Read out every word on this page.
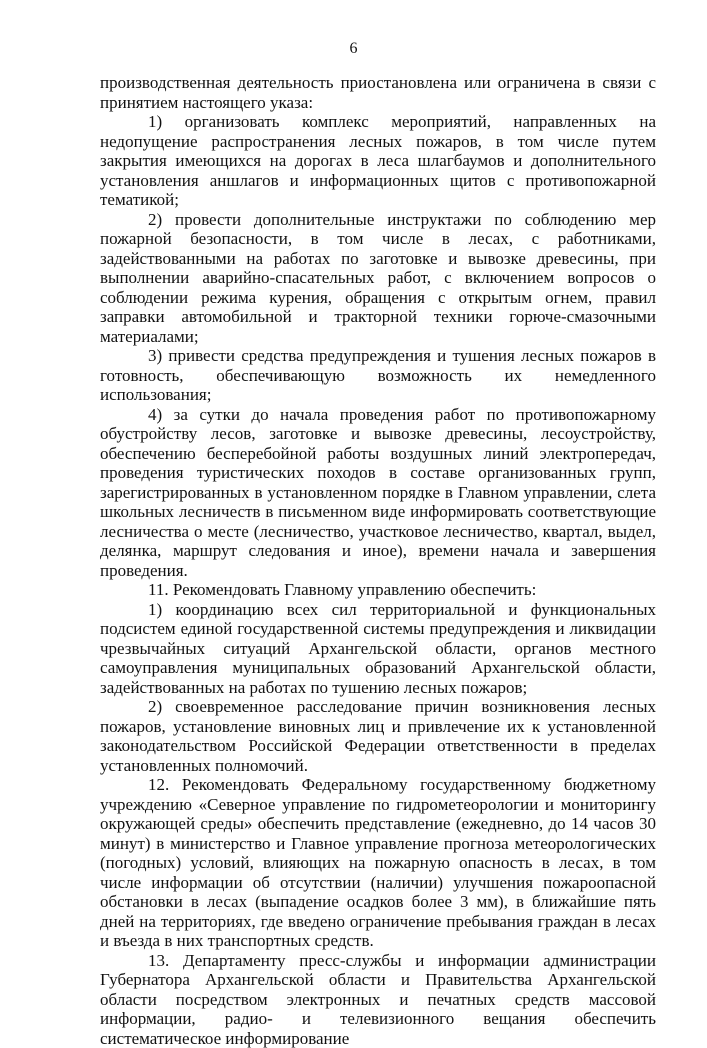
6

производственная деятельность приостановлена или ограничена в связи с принятием настоящего указа:

1) организовать комплекс мероприятий, направленных на недопущение распространения лесных пожаров, в том числе путем закрытия имеющихся на дорогах в леса шлагбаумов и дополнительного установления аншлагов и информационных щитов с противопожарной тематикой;

2) провести дополнительные инструктажи по соблюдению мер пожарной безопасности, в том числе в лесах, с работниками, задействованными на работах по заготовке и вывозке древесины, при выполнении аварийно-спасательных работ, с включением вопросов о соблюдении режима курения, обращения с открытым огнем, правил заправки автомобильной и тракторной техники горюче-смазочными материалами;

3) привести средства предупреждения и тушения лесных пожаров в готовность, обеспечивающую возможность их немедленного использования;

4) за сутки до начала проведения работ по противопожарному обустройству лесов, заготовке и вывозке древесины, лесоустройству, обеспечению бесперебойной работы воздушных линий электропередач, проведения туристических походов в составе организованных групп, зарегистрированных в установленном порядке в Главном управлении, слета школьных лесничеств в письменном виде информировать соответствующие лесничества о месте (лесничество, участковое лесничество, квартал, выдел, делянка, маршрут следования и иное), времени начала и завершения проведения.

11. Рекомендовать Главному управлению обеспечить:

1) координацию всех сил территориальной и функциональных подсистем единой государственной системы предупреждения и ликвидации чрезвычайных ситуаций Архангельской области, органов местного самоуправления муниципальных образований Архангельской области, задействованных на работах по тушению лесных пожаров;

2) своевременное расследование причин возникновения лесных пожаров, установление виновных лиц и привлечение их к установленной законодательством Российской Федерации ответственности в пределах установленных полномочий.

12. Рекомендовать Федеральному государственному бюджетному учреждению «Северное управление по гидрометеорологии и мониторингу окружающей среды» обеспечить представление (ежедневно, до 14 часов 30 минут) в министерство и Главное управление прогноза метеорологических (погодных) условий, влияющих на пожарную опасность в лесах, в том числе информации об отсутствии (наличии) улучшения пожароопасной обстановки в лесах (выпадение осадков более 3 мм), в ближайшие пять дней на территориях, где введено ограничение пребывания граждан в лесах и въезда в них транспортных средств.

13. Департаменту пресс-службы и информации администрации Губернатора Архангельской области и Правительства Архангельской области посредством электронных и печатных средств массовой информации, радио- и телевизионного вещания обеспечить систематическое информирование
